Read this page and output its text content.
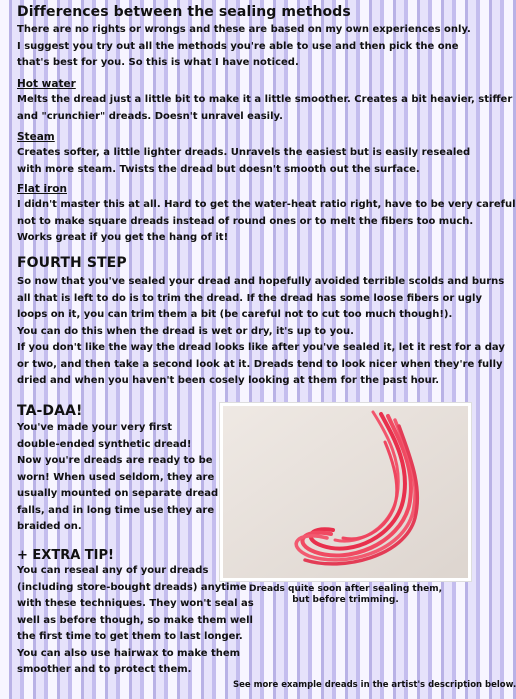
Differences between the sealing methods
There are no rights or wrongs and these are based on my own experiences only.
I suggest you try out all the methods you're able to use and then pick the one
that's best for you. So this is what I have noticed.
Hot water
Melts the dread just a little bit to make it a little smoother. Creates a bit heavier, stiffer
and "crunchier" dreads. Doesn't unravel easily.
Steam
Creates softer, a little lighter dreads. Unravels the easiest but is easily resealed
with more steam. Twists the dread but doesn't smooth out the surface.
Flat iron
I didn't master this at all. Hard to get the water-heat ratio right, have to be very careful
not to make square dreads instead of round ones or to melt the fibers too much.
Works great if you get the hang of it!
FOURTH STEP
So now that you've sealed your dread and hopefully avoided terrible scolds and burns
all that is left to do is to trim the dread. If the dread has some loose fibers or ugly
loops on it, you can trim them a bit (be careful not to cut too much though!).
You can do this when the dread is wet or dry, it's up to you.
If you don't like the way the dread looks like after you've sealed it, let it rest for a day
or two, and then take a second look at it. Dreads tend to look nicer when they're fully
dried and when you haven't been cosely looking at them for the past hour.
TA-DAA!
You've made your very first
double-ended synthetic dread!
Now you're dreads are ready to be
worn! When used seldom, they are
usually mounted on separate dread
falls, and in long time use they are
braided on.
+ EXTRA TIP!
You can reseal any of your dreads
(including store-bought dreads) anytime
with these techniques. They won't seal as
well as before though, so make them well
the first time to get them to last longer.
You can also use hairwax to make them
smoother and to protect them.
Dreads quite soon after sealing them,
but before trimming.
See more example dreads in the artist's description below.
